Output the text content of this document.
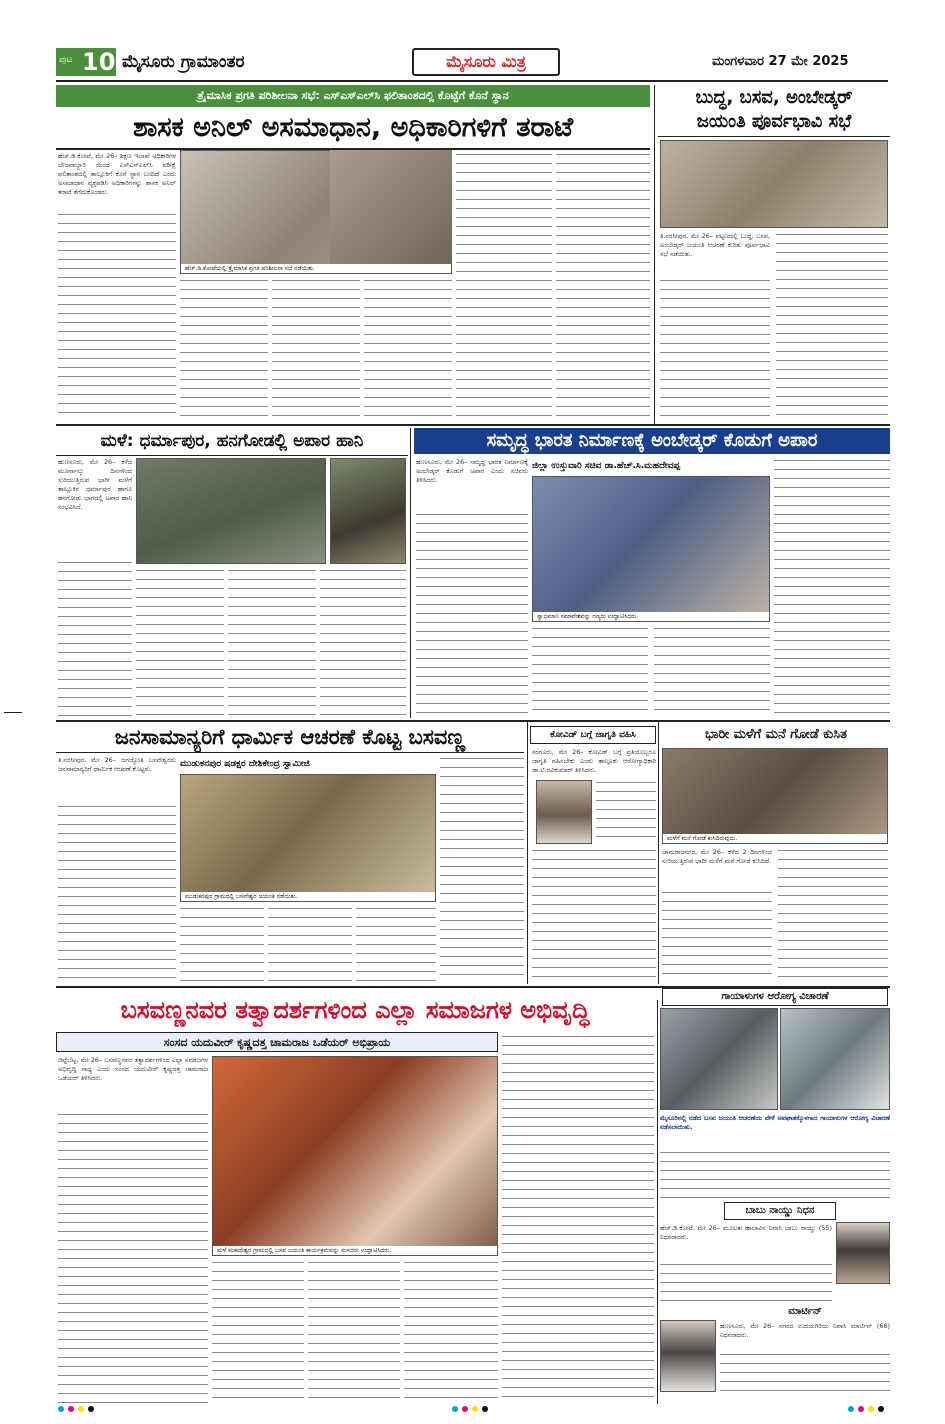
ಪುಟ 10 ಮೈಸೂರು ಗ್ರಾಮಾಂತರ	ಮೈಸೂರು ಮಿತ್ರ	ಮಂಗಳವಾರ 27 ಮೇ 2025
ತ್ರೈಮಾಸಿಕ ಪ್ರಗತಿ ಪರಿಶೀಲನಾ ಸಭೆ: ಎಸ್‌ಎಸ್‌ಎಲ್‌ಸಿ ಫಲಿತಾಂಶದಲ್ಲಿ ಕೊಟ್ಟೆಗೆ ಕೊನೆ ಸ್ಥಾನ
ಶಾಸಕ ಅನಿಲ್ ಅಸಮಾಧಾನ, ಅಧಿಕಾರಿಗಳಿಗೆ ತರಾಟೆ
ಹೆಚ್.ಡಿ.ಕೋಟೆ, ಮೇ 26– ಶಿಕ್ಷಣ ಇಲಾಖೆ ಅಧಿಕಾರಿಗಳ ಬೇಜವಾಬ್ದಾರಿ ಯಿಂದ ಎಸ್‌ಎಸ್‌ಎಲ್‌ಸಿ ಪರೀಕ್ಷೆ ಫಲಿತಾಂಶದಲ್ಲಿ ತಾಲ್ಲೂಕಿಗೆ ಕೊನೆ ಸ್ಥಾನ ಬಂದಿದೆ ಎಂದು ಅಸಮಾಧಾನ ವ್ಯಕ್ತಪಡಿಸಿ ಅಧಿಕಾರಿಗಳನ್ನು ಶಾಸಕ ಅನಿಲ್ ತರಾಟೆ ತೆಗೆದುಕೊಂಡರು.
ಹೆಚ್.ಡಿ.ಕೋಟೆಯಲ್ಲಿ ತ್ರೈಮಾಸಿಕ ಪ್ರಗತಿ ಪರಿಶೀಲನಾ ಸಭೆ ನಡೆಯಿತು.
ಬುದ್ಧ, ಬಸವ, ಅಂಬೇಡ್ಕರ್
ಜಯಂತಿ ಪೂರ್ವಭಾವಿ ಸಭೆ
ತಿ.ನರಸೀಪುರ, ಮೇ 26– ಪಟ್ಟಣದಲ್ಲಿ ಬುದ್ಧ, ಬಸವ, ಅಂಬೇಡ್ಕರ್ ಜಯಂತಿ ಆಚರಣೆ ಕುರಿತು ಪೂರ್ವಭಾವಿ ಸಭೆ ನಡೆಯಿತು.
ಮಳೆ: ಧರ್ಮಾಪುರ, ಹನಗೋಡಲ್ಲಿ ಅಪಾರ ಹಾನಿ
ಹುಣಸೂರು, ಮೇ 26– ಕಳೆದ ಮೂರ್ನಾಲ್ಕು ದಿನಗಳಿಂದ ಸುರಿಯುತ್ತಿರುವ ಭಾರೀ ಮಳೆಗೆ ತಾಲ್ಲೂಕಿನ ಧರ್ಮಾಪುರ ಹಾಗೂ ಹನಗೋಡು ಭಾಗದಲ್ಲಿ ಅಪಾರ ಹಾನಿ ಸಂಭವಿಸಿದೆ.
ಸಮೃದ್ಧ ಭಾರತ ನಿರ್ಮಾಣಕ್ಕೆ ಅಂಬೇಡ್ಕರ್ ಕೊಡುಗೆ ಅಪಾರ
ಹುಣಸೂರು, ಮೇ 26– ಸಮೃದ್ಧ ಭಾರತ ನಿರ್ಮಾಣಕ್ಕೆ ಅಂಬೇಡ್ಕರ್ ಕೊಡುಗೆ ಅಪಾರ ಎಂದು ಸಚಿವರು ತಿಳಿಸಿದರು.
ಜಿಲ್ಲಾ ಉಸ್ತುವಾರಿ ಸಚಿವ ಡಾ.ಹೆಚ್.ಸಿ.ಮಹದೇವಪ್ಪ
ಸ್ವಾಭಿಮಾನಿ ಸಮಾವೇಶವನ್ನು ಗಣ್ಯರು ಉದ್ಘಾಟಿಸಿದರು.
ಜನಸಾಮಾನ್ಯರಿಗೆ ಧಾರ್ಮಿಕ ಆಚರಣೆ ಕೊಟ್ಟ ಬಸವಣ್ಣ
ತಿ.ನರಸೀಪುರ, ಮೇ 26– ಜಗಜ್ಯೋತಿ ಬಸವೇಶ್ವರರು ಜನಸಾಮಾನ್ಯರಿಗೆ ಧಾರ್ಮಿಕ ಆಚರಣೆ ಕೊಟ್ಟರು.	ಮುಡುಕನಪುರ ಷಡಕ್ಷರ ದೇಶಿಕೇಂದ್ರ ಸ್ವಾಮೀಜಿ
ಮುಡುಕನಪುರ ಗ್ರಾಮದಲ್ಲಿ ಬಸವೇಶ್ವರ ಜಯಂತಿ ನಡೆಯಿತು.
ಕೋವಿಡ್ ಬಗ್ಗೆ ಜಾಗೃತಿ ವಹಿಸಿ
ಸರಗೂರು, ಮೇ 26– ಕೋವಿಡ್ ಬಗ್ಗೆ ಪ್ರತಿಯೊಬ್ಬರೂ ಜಾಗೃತಿ ವಹಿಸಬೇಕು ಎಂದು ತಾಲ್ಲೂಕು ಆರೋಗ್ಯಾಧಿಕಾರಿ ಡಾ.ಟಿ.ರವಿಕುಮಾರ್ ತಿಳಿಸಿದರು.
ಭಾರೀ ಮಳೆಗೆ ಮನೆ ಗೋಡೆ ಕುಸಿತ
ಮಳೆಗೆ ಮನೆ ಗೋಡೆ ಕುಸಿದಿರುವುದು.
ಚಾಮರಾಜನಗರ, ಮೇ 26– ಕಳೆದ 2 ದಿನಗಳಿಂದ ಸುರಿಯುತ್ತಿರುವ ಭಾರೀ ಮಳೆಗೆ ಮನೆ ಗೋಡೆ ಕುಸಿದಿದೆ.
ಗಾಯಾಳುಗಳ ಆರೋಗ್ಯ ವಿಚಾರಣೆ
ಮೈಸೂರಿನಲ್ಲಿ ನಡೆದ ಬಸವ ಜಯಂತಿ ಆಚರಣೆಯ ವೇಳೆ ಅಪಘಾತಕ್ಕೊಳಗಾದ ಗಾಯಾಳುಗಳ ಆರೋಗ್ಯ ವಿಚಾರಣೆ ನಡೆಸಲಾಯಿತು.
ಬಸವಣ್ಣನವರ ತತ್ವಾದರ್ಶಗಳಿಂದ ಎಲ್ಲಾ ಸಮಾಜಗಳ ಅಭಿವೃದ್ಧಿ
ಸಂಸದ ಯದುವೀರ್ ಕೃಷ್ಣದತ್ತ ಚಾಮರಾಜ ಒಡೆಯರ್ ಅಭಿಪ್ರಾಯ
ಚಿಟ್ಟೆಬೆಟ್ಟ, ಮೇ 26– ಬಸವಣ್ಣನವರ ತತ್ವಾದರ್ಶಗಳಿಂದ ಎಲ್ಲಾ ಸಮಾಜಗಳ ಅಭಿವೃದ್ಧಿ ಸಾಧ್ಯ ಎಂದು ಸಂಸದ ಯದುವೀರ್ ಕೃಷ್ಣದತ್ತ ಚಾಮರಾಜ ಒಡೆಯರ್ ತಿಳಿಸಿದರು.
ಮಳೆ ಮಹದೇಶ್ವರ ಗ್ರಾಮದಲ್ಲಿ ಬಸವ ಜಯಂತಿ ಕಾರ್ಯಕ್ರಮವನ್ನು ಸಂಸದರು ಉದ್ಘಾಟಿಸಿದರು.
ಬಾಬು ನಾಯ್ಡು ನಿಧನ
ಹೆಚ್.ಡಿ.ಕೋಟೆ, ಮೇ 26– ಮೂಲತಃ ಹಾಲಾವಿನ ನಿವಾಸಿ ಬಾಬು ನಾಯ್ಡು (55) ನಿಧನರಾದರು.
ಮಾರ್ಟಿನ್
ಹುಣಸೂರು, ಮೇ 26– ನಗರದ ಉದಯಗಿರಿಯ ನಿವಾಸಿ ಮಾರ್ಟಿನ್ (68) ನಿಧನರಾದರು.
